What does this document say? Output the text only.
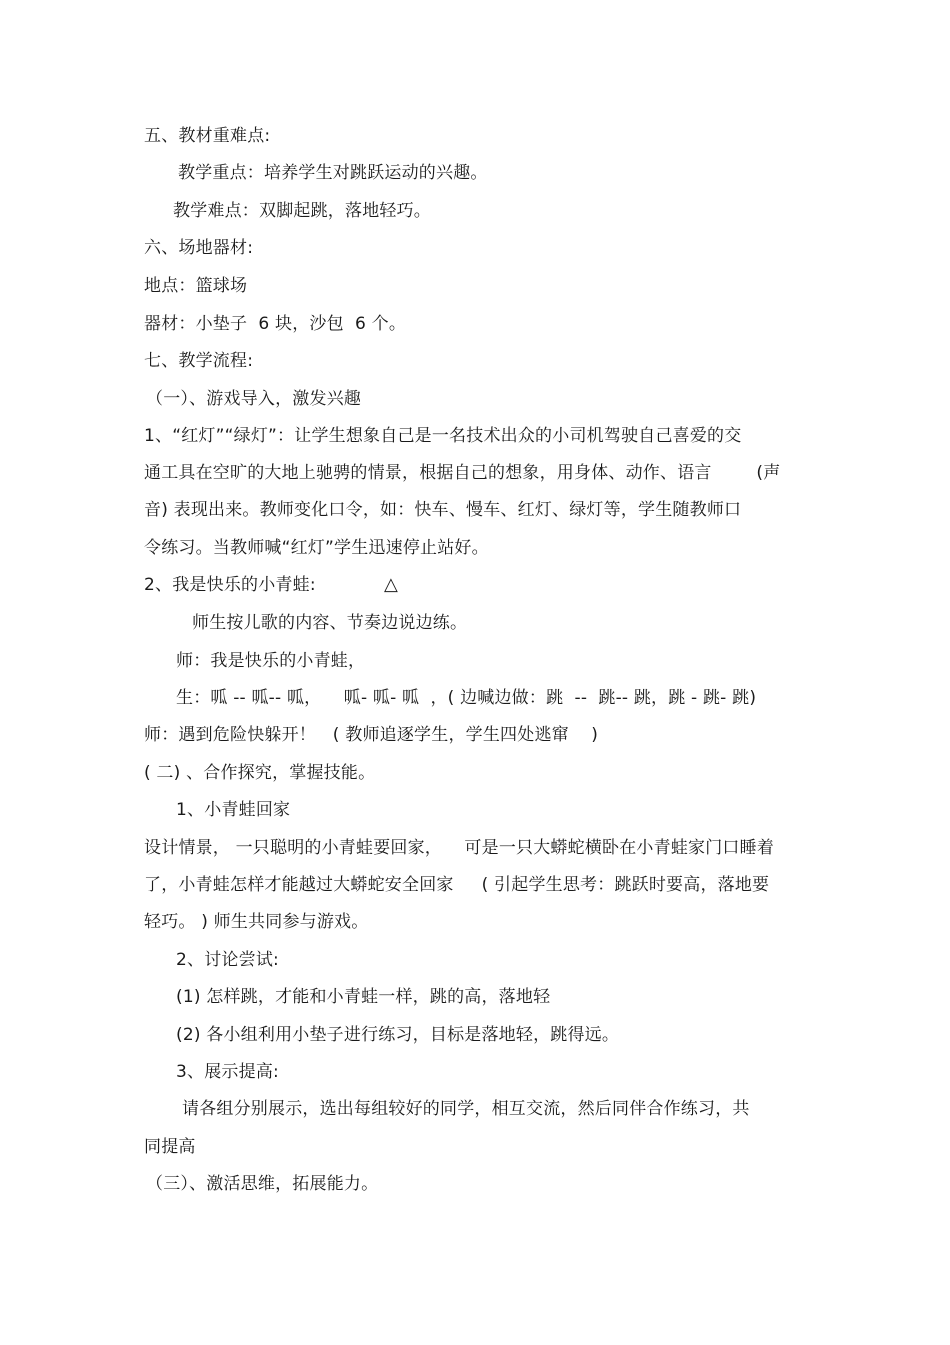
五、教材重难点:
教学重点：培养学生对跳跃运动的兴趣。
教学难点：双脚起跳，落地轻巧。
六、场地器材:
地点：篮球场
器材：小垫子  6 块，沙包  6 个。
七、教学流程:
（一）、游戏导入，激发兴趣
1、“红灯”“绿灯”：让学生想象自己是一名技术出众的小司机驾驶自己喜爱的交
通工具在空旷的大地上驰骋的情景，根据自己的想象，用身体、动作、语言        (声
音) 表现出来。教师变化口令，如：快车、慢车、红灯、绿灯等，学生随教师口
令练习。当教师喊“红灯”学生迅速停止站好。
2、我是快乐的小青蛙:	△
师生按儿歌的内容、节奏边说边练。
师：我是快乐的小青蛙，
生：呱 -- 呱-- 呱，    呱- 呱- 呱  ，( 边喊边做：跳  --  跳-- 跳，跳 - 跳- 跳)
师：遇到危险快躲开！   ( 教师追逐学生，学生四处逃窜    )
( 二) 、合作探究，掌握技能。
1、小青蛙回家
设计情景， 一只聪明的小青蛙要回家，    可是一只大蟒蛇横卧在小青蛙家门口睡着
了，小青蛙怎样才能越过大蟒蛇安全回家     ( 引起学生思考：跳跃时要高，落地要
轻巧。 ) 师生共同参与游戏。
2、讨论尝试:
(1) 怎样跳，才能和小青蛙一样，跳的高，落地轻
(2) 各小组利用小垫子进行练习，目标是落地轻，跳得远。
3、展示提高:
请各组分别展示，选出每组较好的同学，相互交流，然后同伴合作练习，共
同提高
（三）、激活思维，拓展能力。
